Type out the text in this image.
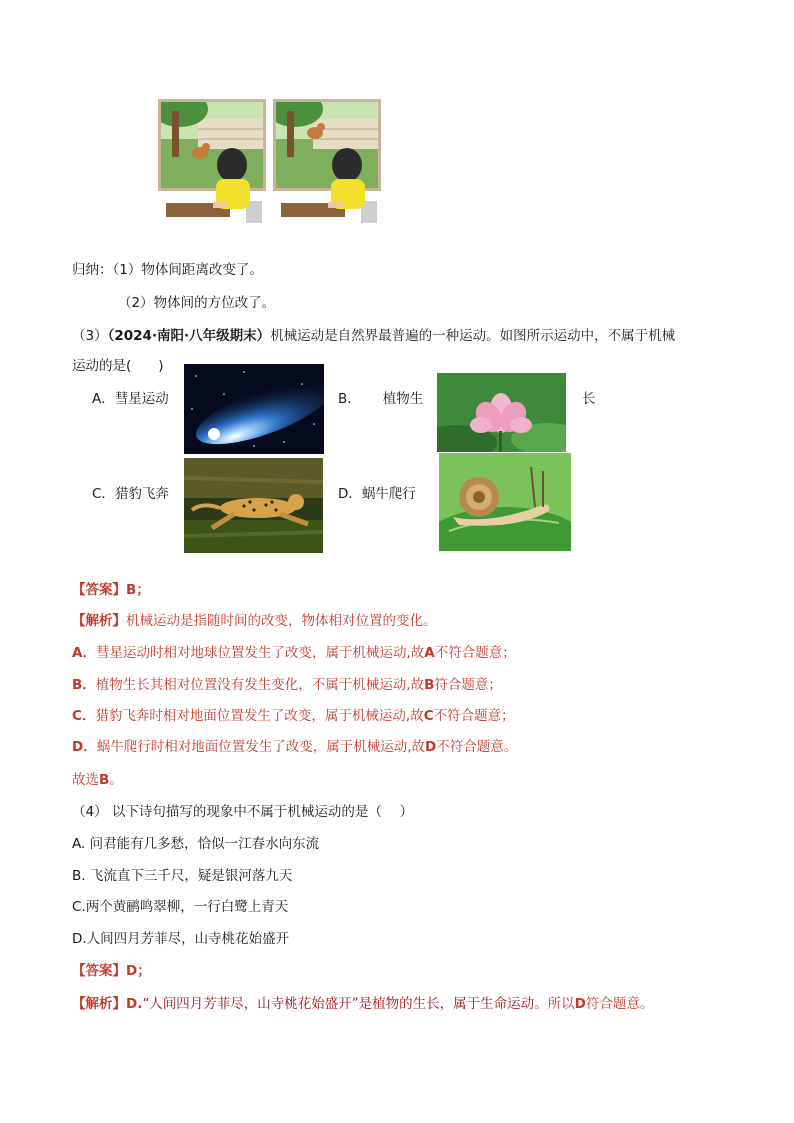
归纳：（1）物体间距离改变了。
（2）物体间的方位改了。
（3）（2024·南阳·八年级期末）机械运动是自然界最普遍的一种运动。如图所示运动中，不属于机械
运动的是(　　)
A．彗星运动	B． 植物生	长
C．猎豹飞奔	D．蜗牛爬行
【答案】B；
【解析】机械运动是指随时间的改变，物体相对位置的变化。
A．彗星运动时相对地球位置发生了改变，属于机械运动,故A不符合题意；
B．植物生长其相对位置没有发生变化，不属于机械运动,故B符合题意；
C．猎豹飞奔时相对地面位置发生了改变，属于机械运动,故C不符合题意；
D．蜗牛爬行时相对地面位置发生了改变，属于机械运动,故D不符合题意。
故选B。
（4） 以下诗句描写的现象中不属于机械运动的是（　 ）
A. 问君能有几多愁，恰似一江春水向东流
B. 飞流直下三千尺，疑是银河落九天
C.两个黄鹂鸣翠柳，一行白鹭上青天
D.人间四月芳菲尽，山寺桃花始盛开
【答案】D；
【解析】D.“人间四月芳菲尽，山寺桃花始盛开”是植物的生长，属于生命运动。所以D符合题意。
